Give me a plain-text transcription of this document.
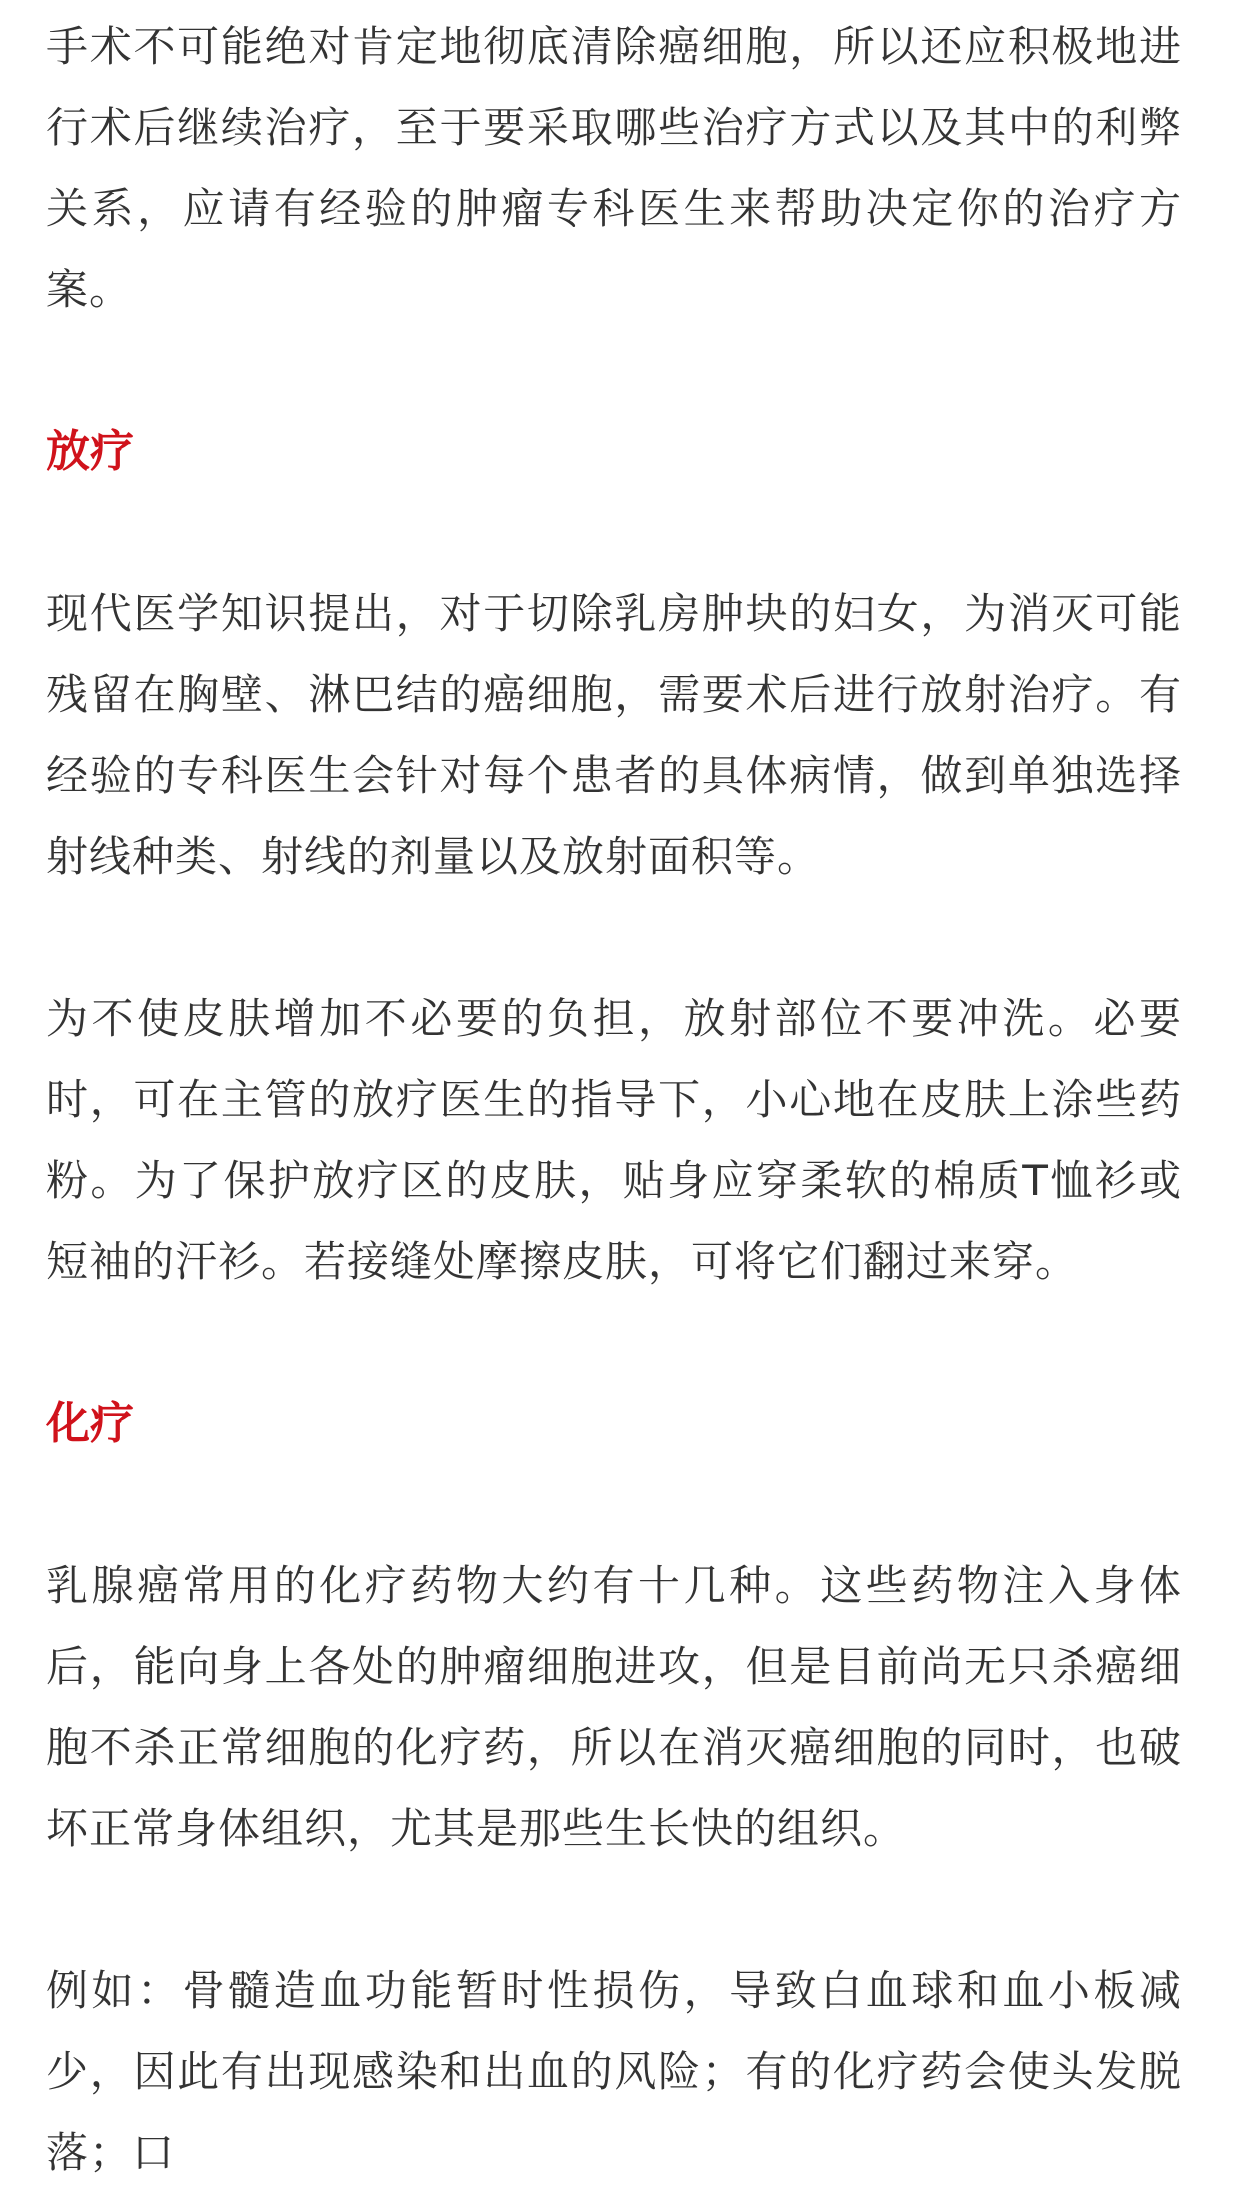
手术不可能绝对肯定地彻底清除癌细胞，所以还应积极地进行术后继续治疗，至于要采取哪些治疗方式以及其中的利弊关系，应请有经验的肿瘤专科医生来帮助决定你的治疗方案。

放疗

现代医学知识提出，对于切除乳房肿块的妇女，为消灭可能残留在胸壁、淋巴结的癌细胞，需要术后进行放射治疗。有经验的专科医生会针对每个患者的具体病情，做到单独选择射线种类、射线的剂量以及放射面积等。

为不使皮肤增加不必要的负担，放射部位不要冲洗。必要时，可在主管的放疗医生的指导下，小心地在皮肤上涂些药粉。为了保护放疗区的皮肤，贴身应穿柔软的棉质T恤衫或短袖的汗衫。若接缝处摩擦皮肤，可将它们翻过来穿。

化疗

乳腺癌常用的化疗药物大约有十几种。这些药物注入身体后，能向身上各处的肿瘤细胞进攻，但是目前尚无只杀癌细胞不杀正常细胞的化疗药，所以在消灭癌细胞的同时，也破坏正常身体组织，尤其是那些生长快的组织。

例如：骨髓造血功能暂时性损伤，导致白血球和血小板减少，因此有出现感染和出血的风险；有的化疗药会使头发脱落；口
